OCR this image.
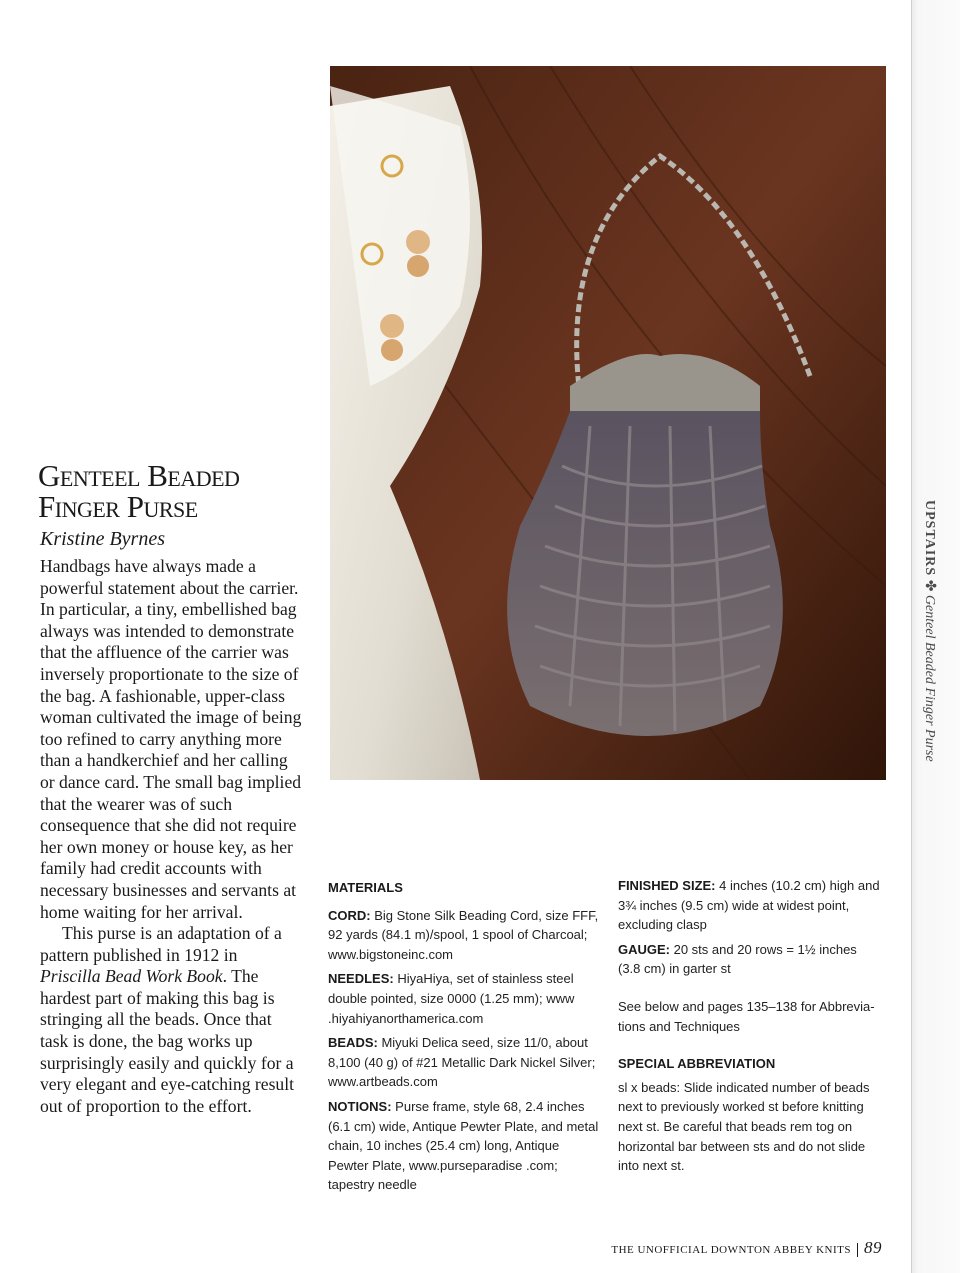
Genteel Beaded
Finger Purse
Kristine Byrnes

Handbags have always made a powerful statement about the carrier. In particular, a tiny, embellished bag always was intended to demonstrate that the affluence of the carrier was inversely proportionate to the size of the bag. A fashionable, upper-class woman cultivated the image of being too refined to carry anything more than a handkerchief and her calling or dance card. The small bag implied that the wearer was of such consequence that she did not require her own money or house key, as her family had credit accounts with necessary businesses and servants at home waiting for her arrival.

This purse is an adaptation of a pattern published in 1912 in Priscilla Bead Work Book. The hardest part of making this bag is stringing all the beads. Once that task is done, the bag works up surprisingly easily and quickly for a very elegant and eye-catching result out of proportion to the effort.

MATERIALS

CORD: Big Stone Silk Beading Cord, size FFF, 92 yards (84.1 m)/spool, 1 spool of Charcoal; www.bigstoneinc.com

NEEDLES: HiyaHiya, set of stainless steel double pointed, size 0000 (1.25 mm); www .hiyahiyanorthamerica.com

BEADS: Miyuki Delica seed, size 11/0, about 8,100 (40 g) of #21 Metallic Dark Nickel Silver; www.artbeads.com

NOTIONS: Purse frame, style 68, 2.4 inches (6.1 cm) wide, Antique Pewter Plate, and metal chain, 10 inches (25.4 cm) long, Antique Pewter Plate, www.purseparadise .com; tapestry needle

FINISHED SIZE: 4 inches (10.2 cm) high and 3¾ inches (9.5 cm) wide at widest point, excluding clasp

GAUGE: 20 sts and 20 rows = 1½ inches (3.8 cm) in garter st

See below and pages 135–138 for Abbrevia-tions and Techniques

SPECIAL ABBREVIATION

sl x beads: Slide indicated number of beads next to previously worked st before knitting next st. Be careful that beads rem tog on horizontal bar between sts and do not slide into next st.

UPSTAIRS ✤ Genteel Beaded Finger Purse
THE UNOFFICIAL DOWNTON ABBEY KNITS 89
